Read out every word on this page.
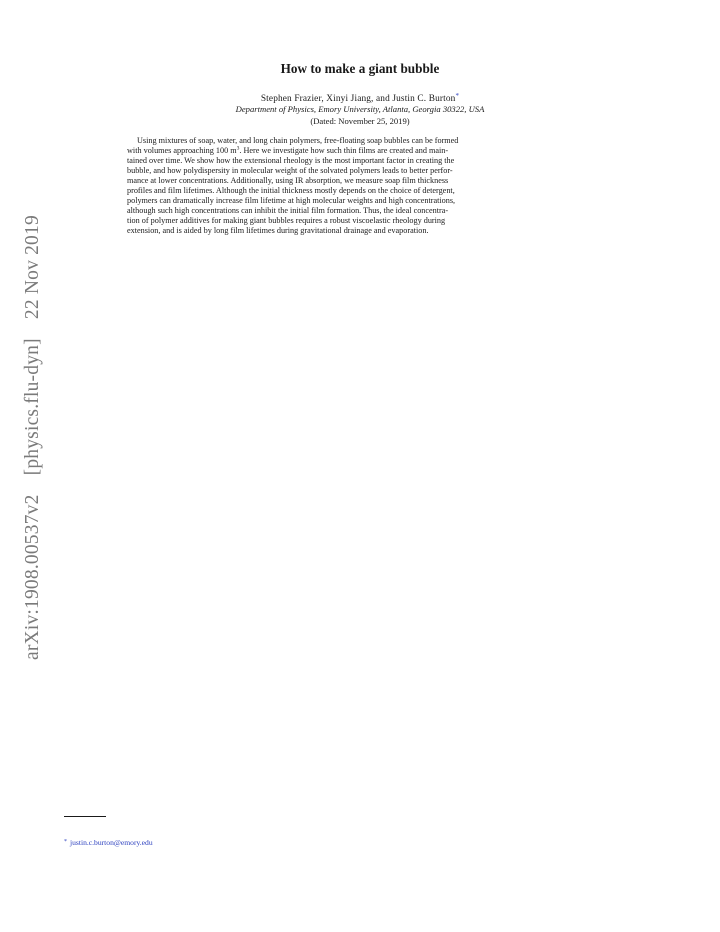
arXiv:1908.00537v2 [physics.flu-dyn] 22 Nov 2019
How to make a giant bubble
Stephen Frazier, Xinyi Jiang, and Justin C. Burton*
Department of Physics, Emory University, Atlanta, Georgia 30322, USA
(Dated: November 25, 2019)
Using mixtures of soap, water, and long chain polymers, free-floating soap bubbles can be formed
with volumes approaching 100 $m^3$. Here we investigate how such thin films are created and main-
tained over time. We show how the extensional rheology is the most important factor in creating the
bubble, and how polydispersity in molecular weight of the solvated polymers leads to better perfor-
mance at lower concentrations. Additionally, using IR absorption, we measure soap film thickness
profiles and film lifetimes. Although the initial thickness mostly depends on the choice of detergent,
polymers can dramatically increase film lifetime at high molecular weights and high concentrations,
although such high concentrations can inhibit the initial film formation. Thus, the ideal concentra-
tion of polymer additives for making giant bubbles requires a robust viscoelastic rheology during
extension, and is aided by long film lifetimes during gravitational drainage and evaporation.
* justin.c.burton@emory.edu
